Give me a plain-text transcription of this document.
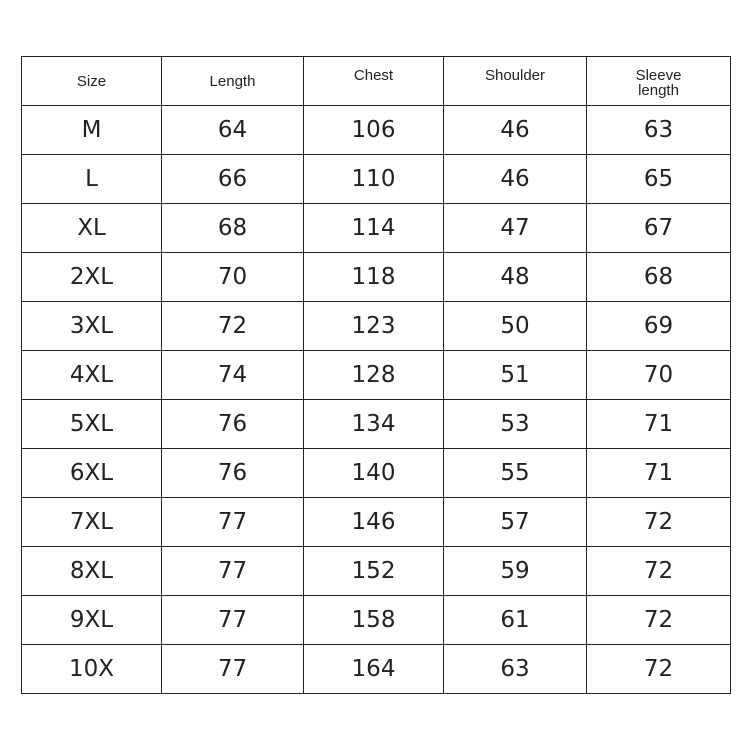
Size	Length	Chest	Shoulder	Sleeve length

M	64	106	46	63
L	66	110	46	65
XL	68	114	47	67
2XL	70	118	48	68
3XL	72	123	50	69
4XL	74	128	51	70
5XL	76	134	53	71
6XL	76	140	55	71
7XL	77	146	57	72
8XL	77	152	59	72
9XL	77	158	61	72
10X	77	164	63	72
